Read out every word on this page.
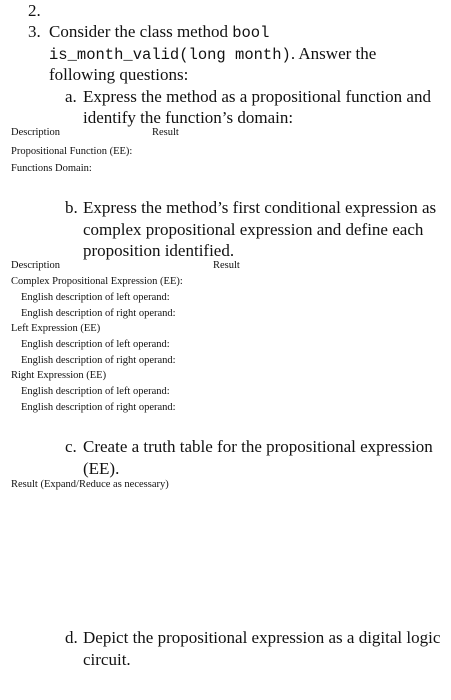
2.
3. Consider the class method bool
is_month_valid(long month). Answer the
following questions:
a. Express the method as a propositional function and
identify the function’s domain:
Description	Result
Propositional Function (EE):
Functions Domain:
b. Express the method’s first conditional expression as
complex propositional expression and define each
proposition identified.
Description	Result
Complex Propositional Expression (EE):
English description of left operand:
English description of right operand:
Left Expression (EE)
English description of left operand:
English description of right operand:
Right Expression (EE)
English description of left operand:
English description of right operand:
c. Create a truth table for the propositional expression
(EE).
Result (Expand/Reduce as necessary)
d. Depict the propositional expression as a digital logic
circuit.
